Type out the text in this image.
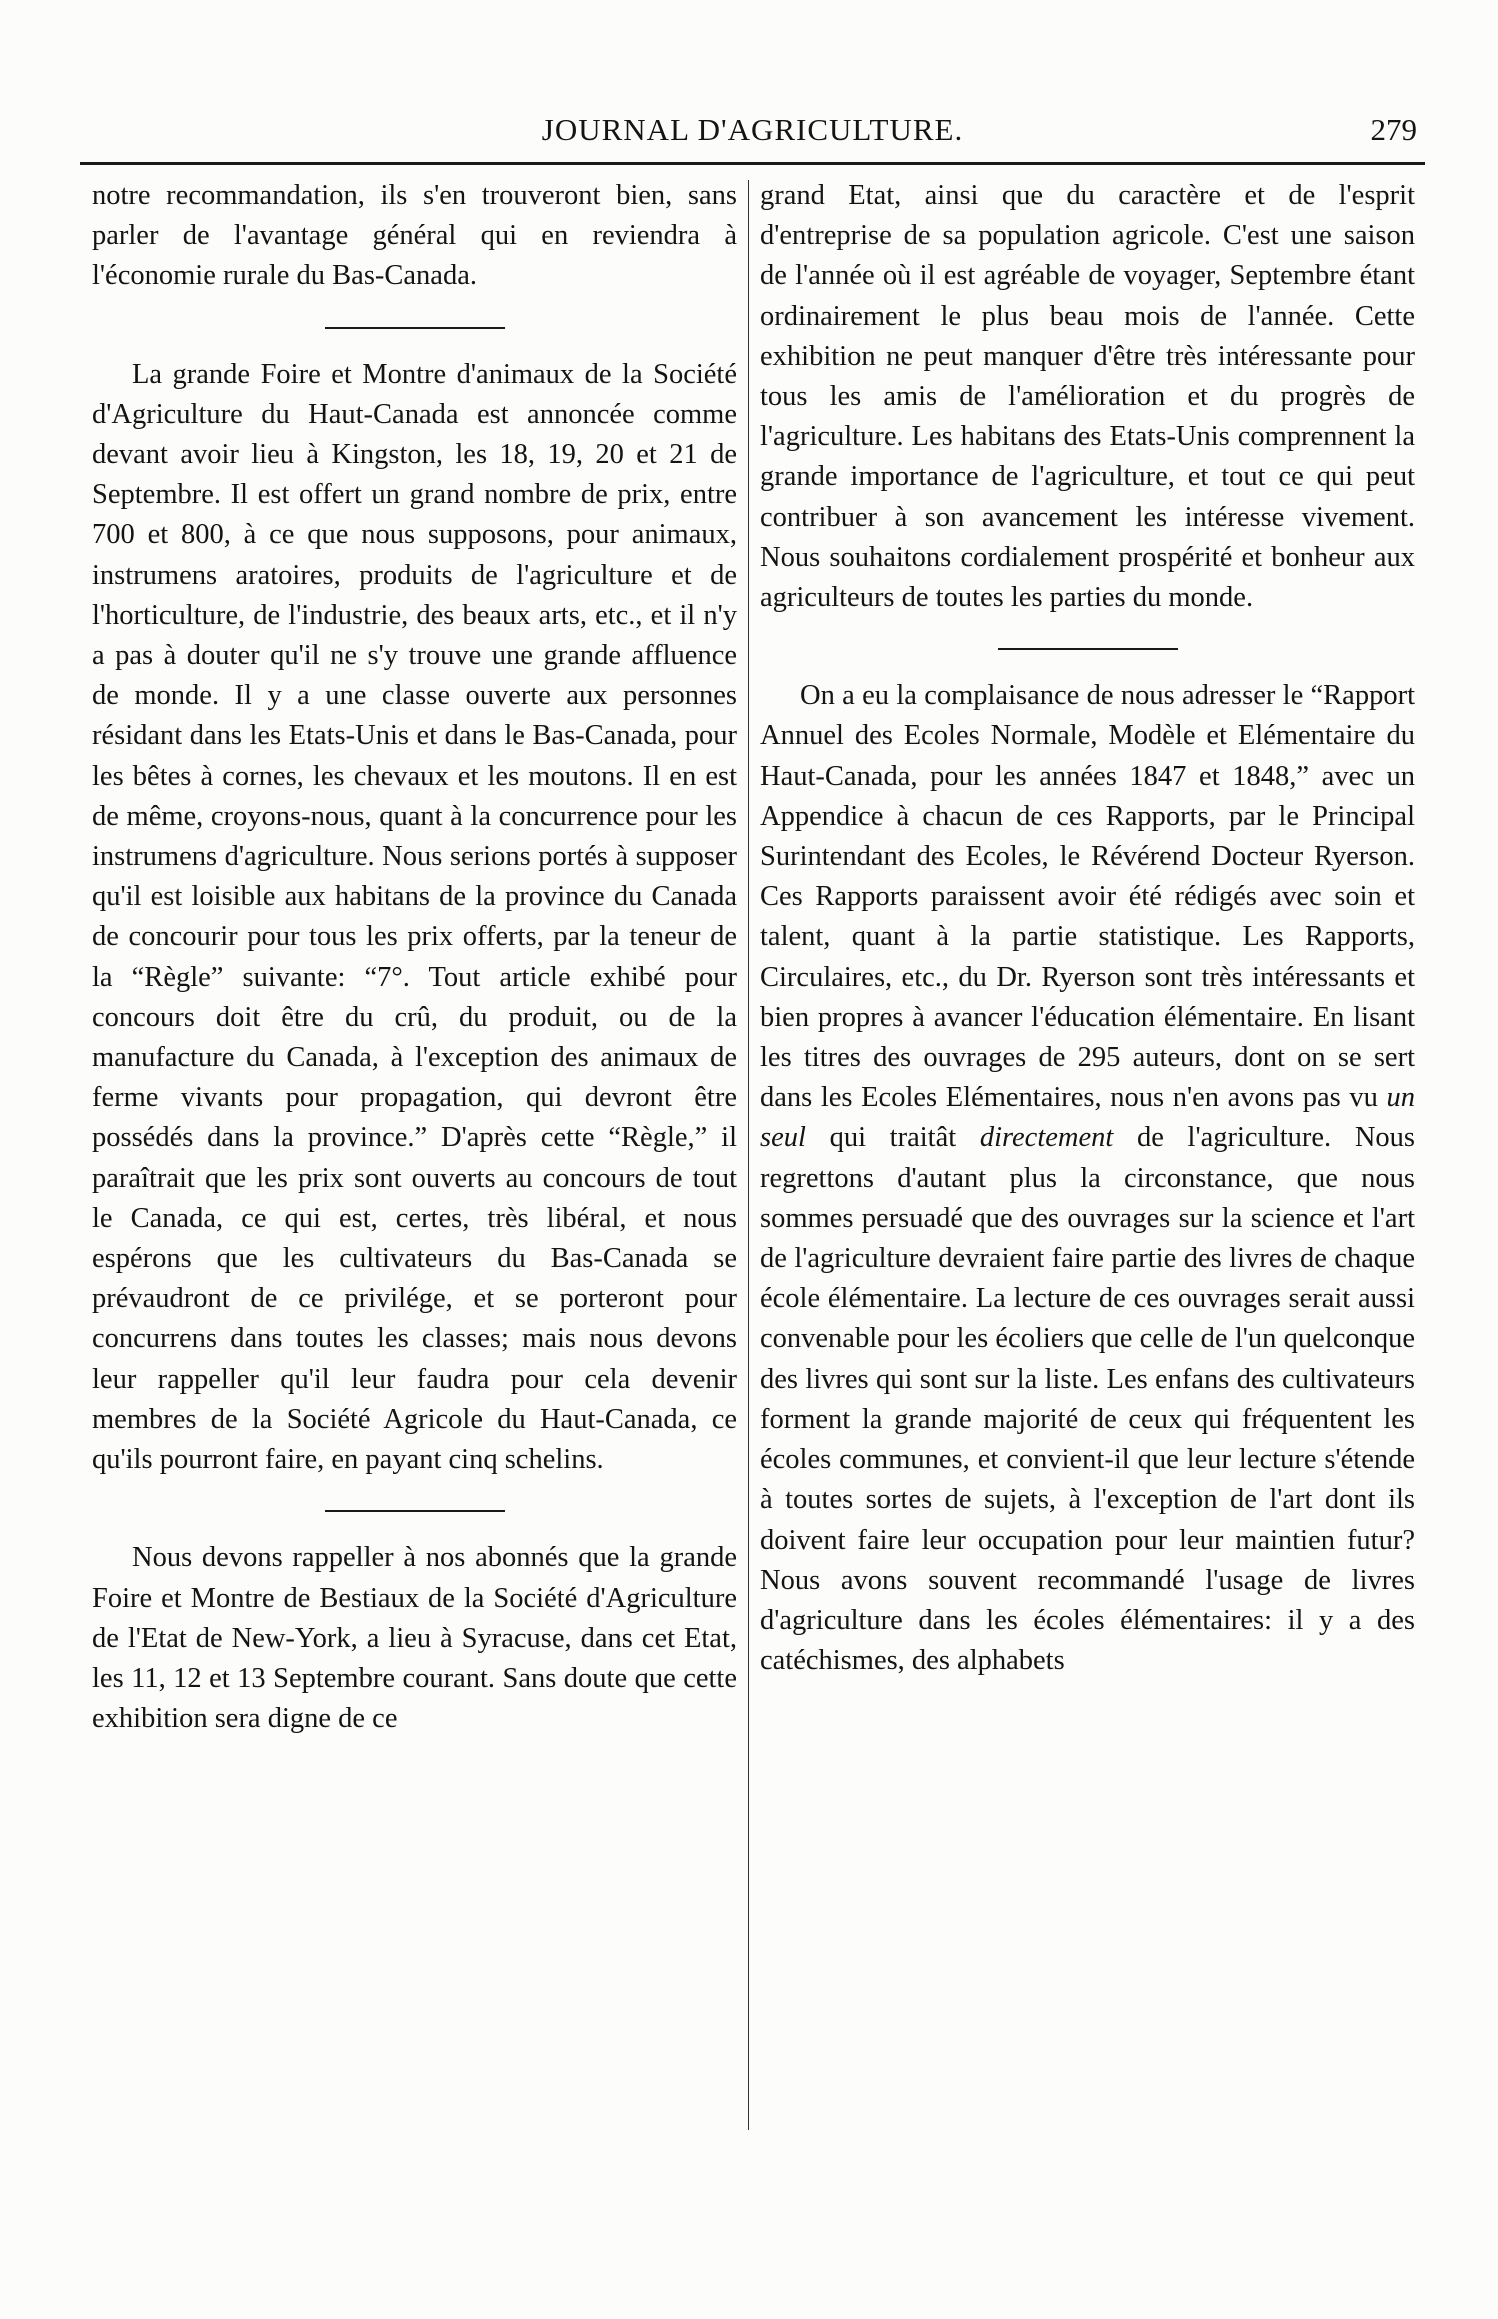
JOURNAL D'AGRICULTURE.	279

notre recommandation, ils s'en trouveront bien, sans parler de l'avantage général qui en reviendra à l'économie rurale du Bas-Canada.

La grande Foire et Montre d'animaux de la Société d'Agriculture du Haut-Canada est annoncée comme devant avoir lieu à Kingston, les 18, 19, 20 et 21 de Septembre. Il est offert un grand nombre de prix, entre 700 et 800, à ce que nous supposons, pour animaux, instrumens aratoires, produits de l'agriculture et de l'horticulture, de l'industrie, des beaux arts, etc., et il n'y a pas à douter qu'il ne s'y trouve une grande affluence de monde. Il y a une classe ouverte aux personnes résidant dans les Etats-Unis et dans le Bas-Canada, pour les bêtes à cornes, les chevaux et les moutons. Il en est de même, croyons-nous, quant à la concurrence pour les instrumens d'agriculture. Nous serions portés à supposer qu'il est loisible aux habitans de la province du Canada de concourir pour tous les prix offerts, par la teneur de la “Règle” suivante: “7°. Tout article exhibé pour concours doit être du crû, du produit, ou de la manufacture du Canada, à l'exception des animaux de ferme vivants pour propagation, qui devront être possédés dans la province.” D'après cette “Règle,” il paraîtrait que les prix sont ouverts au concours de tout le Canada, ce qui est, certes, très libéral, et nous espérons que les cultivateurs du Bas-Canada se prévaudront de ce privilége, et se porteront pour concurrens dans toutes les classes; mais nous devons leur rappeller qu'il leur faudra pour cela devenir membres de la Société Agricole du Haut-Canada, ce qu'ils pourront faire, en payant cinq schelins.

Nous devons rappeller à nos abonnés que la grande Foire et Montre de Bestiaux de la Société d'Agriculture de l'Etat de New-York, a lieu à Syracuse, dans cet Etat, les 11, 12 et 13 Septembre courant. Sans doute que cette exhibition sera digne de ce

grand Etat, ainsi que du caractère et de l'esprit d'entreprise de sa population agricole. C'est une saison de l'année où il est agréable de voyager, Septembre étant ordinairement le plus beau mois de l'année. Cette exhibition ne peut manquer d'être très intéressante pour tous les amis de l'amélioration et du progrès de l'agriculture. Les habitans des Etats-Unis comprennent la grande importance de l'agriculture, et tout ce qui peut contribuer à son avancement les intéresse vivement. Nous souhaitons cordialement prospérité et bonheur aux agriculteurs de toutes les parties du monde.

On a eu la complaisance de nous adresser le “Rapport Annuel des Ecoles Normale, Modèle et Elémentaire du Haut-Canada, pour les années 1847 et 1848,” avec un Appendice à chacun de ces Rapports, par le Principal Surintendant des Ecoles, le Révérend Docteur Ryerson. Ces Rapports paraissent avoir été rédigés avec soin et talent, quant à la partie statistique. Les Rapports, Circulaires, etc., du Dr. Ryerson sont très intéressants et bien propres à avancer l'éducation élémentaire. En lisant les titres des ouvrages de 295 auteurs, dont on se sert dans les Ecoles Elémentaires, nous n'en avons pas vu un seul qui traitât directement de l'agriculture. Nous regrettons d'autant plus la circonstance, que nous sommes persuadé que des ouvrages sur la science et l'art de l'agriculture devraient faire partie des livres de chaque école élémentaire. La lecture de ces ouvrages serait aussi convenable pour les écoliers que celle de l'un quelconque des livres qui sont sur la liste. Les enfans des cultivateurs forment la grande majorité de ceux qui fréquentent les écoles communes, et convient-il que leur lecture s'étende à toutes sortes de sujets, à l'exception de l'art dont ils doivent faire leur occupation pour leur maintien futur? Nous avons souvent recommandé l'usage de livres d'agriculture dans les écoles élémentaires: il y a des catéchismes, des alphabets
